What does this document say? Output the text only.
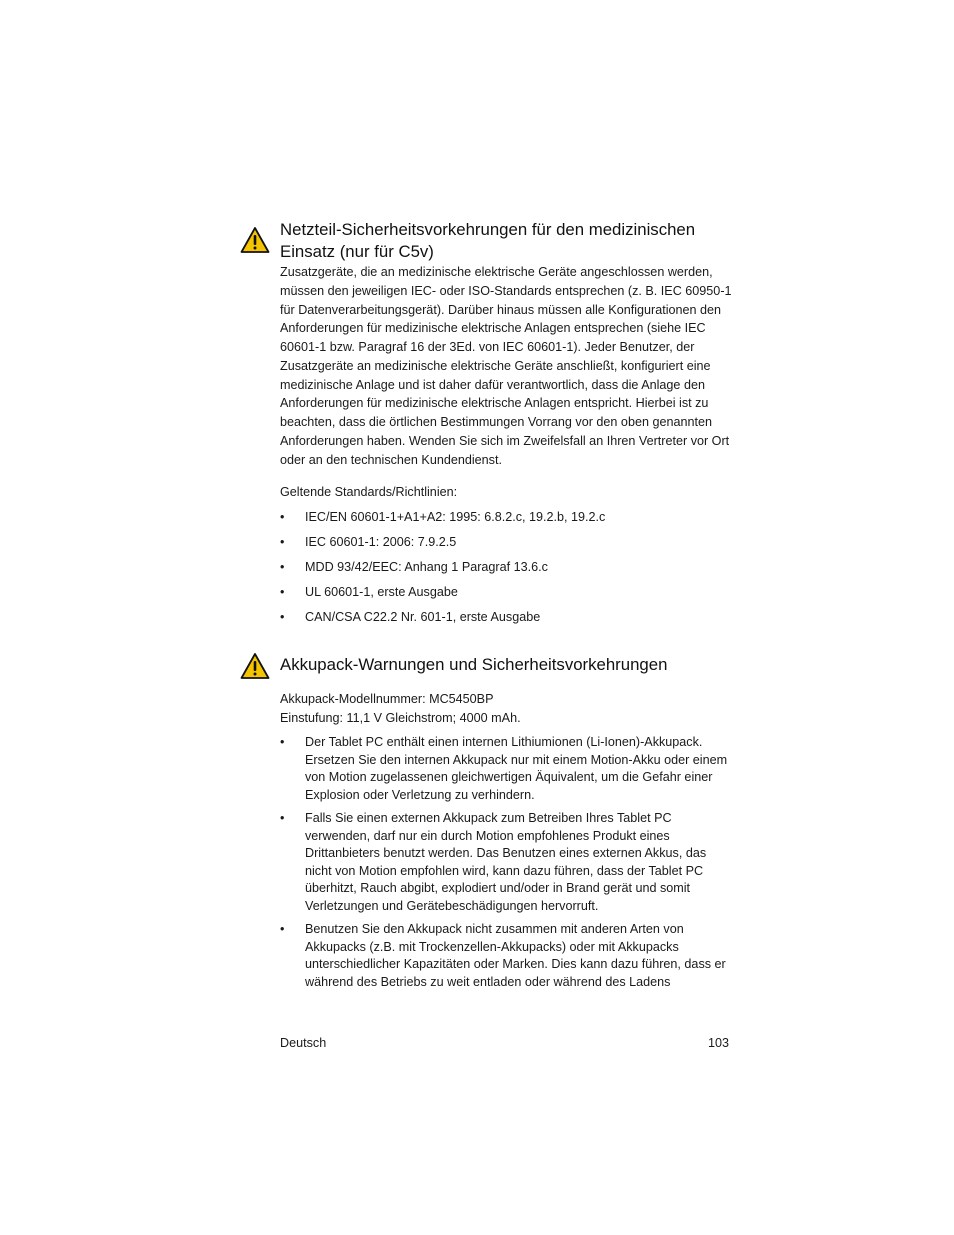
Netzteil-Sicherheitsvorkehrungen für den medizinischen Einsatz (nur für C5v)
Zusatzgeräte, die an medizinische elektrische Geräte angeschlossen werden, müssen den jeweiligen IEC- oder ISO-Standards entsprechen (z. B. IEC 60950-1 für Datenverarbeitungsgerät). Darüber hinaus müssen alle Konfigurationen den Anforderungen für medizinische elektrische Anlagen entsprechen (siehe IEC 60601-1 bzw. Paragraf 16 der 3Ed. von IEC 60601-1). Jeder Benutzer, der Zusatzgeräte an medizinische elektrische Geräte anschließt, konfiguriert eine medizinische Anlage und ist daher dafür verantwortlich, dass die Anlage den Anforderungen für medizinische elektrische Anlagen entspricht. Hierbei ist zu beachten, dass die örtlichen Bestimmungen Vorrang vor den oben genannten Anforderungen haben. Wenden Sie sich im Zweifelsfall an Ihren Vertreter vor Ort oder an den technischen Kundendienst.
Geltende Standards/Richtlinien:
• IEC/EN 60601-1+A1+A2: 1995: 6.8.2.c, 19.2.b, 19.2.c
• IEC 60601-1: 2006: 7.9.2.5
• MDD 93/42/EEC: Anhang 1 Paragraf 13.6.c
• UL 60601-1, erste Ausgabe
• CAN/CSA C22.2 Nr. 601-1, erste Ausgabe
Akkupack-Warnungen und Sicherheitsvorkehrungen
Akkupack-Modellnummer: MC5450BP
Einstufung: 11,1 V Gleichstrom; 4000 mAh.
• Der Tablet PC enthält einen internen Lithiumionen (Li-Ionen)-Akkupack. Ersetzen Sie den internen Akkupack nur mit einem Motion-Akku oder einem von Motion zugelassenen gleichwertigen Äquivalent, um die Gefahr einer Explosion oder Verletzung zu verhindern.
• Falls Sie einen externen Akkupack zum Betreiben Ihres Tablet PC verwenden, darf nur ein durch Motion empfohlenes Produkt eines Drittanbieters benutzt werden. Das Benutzen eines externen Akkus, das nicht von Motion empfohlen wird, kann dazu führen, dass der Tablet PC überhitzt, Rauch abgibt, explodiert und/oder in Brand gerät und somit Verletzungen und Gerätebeschädigungen hervorruft.
• Benutzen Sie den Akkupack nicht zusammen mit anderen Arten von Akkupacks (z.B. mit Trockenzellen-Akkupacks) oder mit Akkupacks unterschiedlicher Kapazitäten oder Marken. Dies kann dazu führen, dass er während des Betriebs zu weit entladen oder während des Ladens
Deutsch	103
